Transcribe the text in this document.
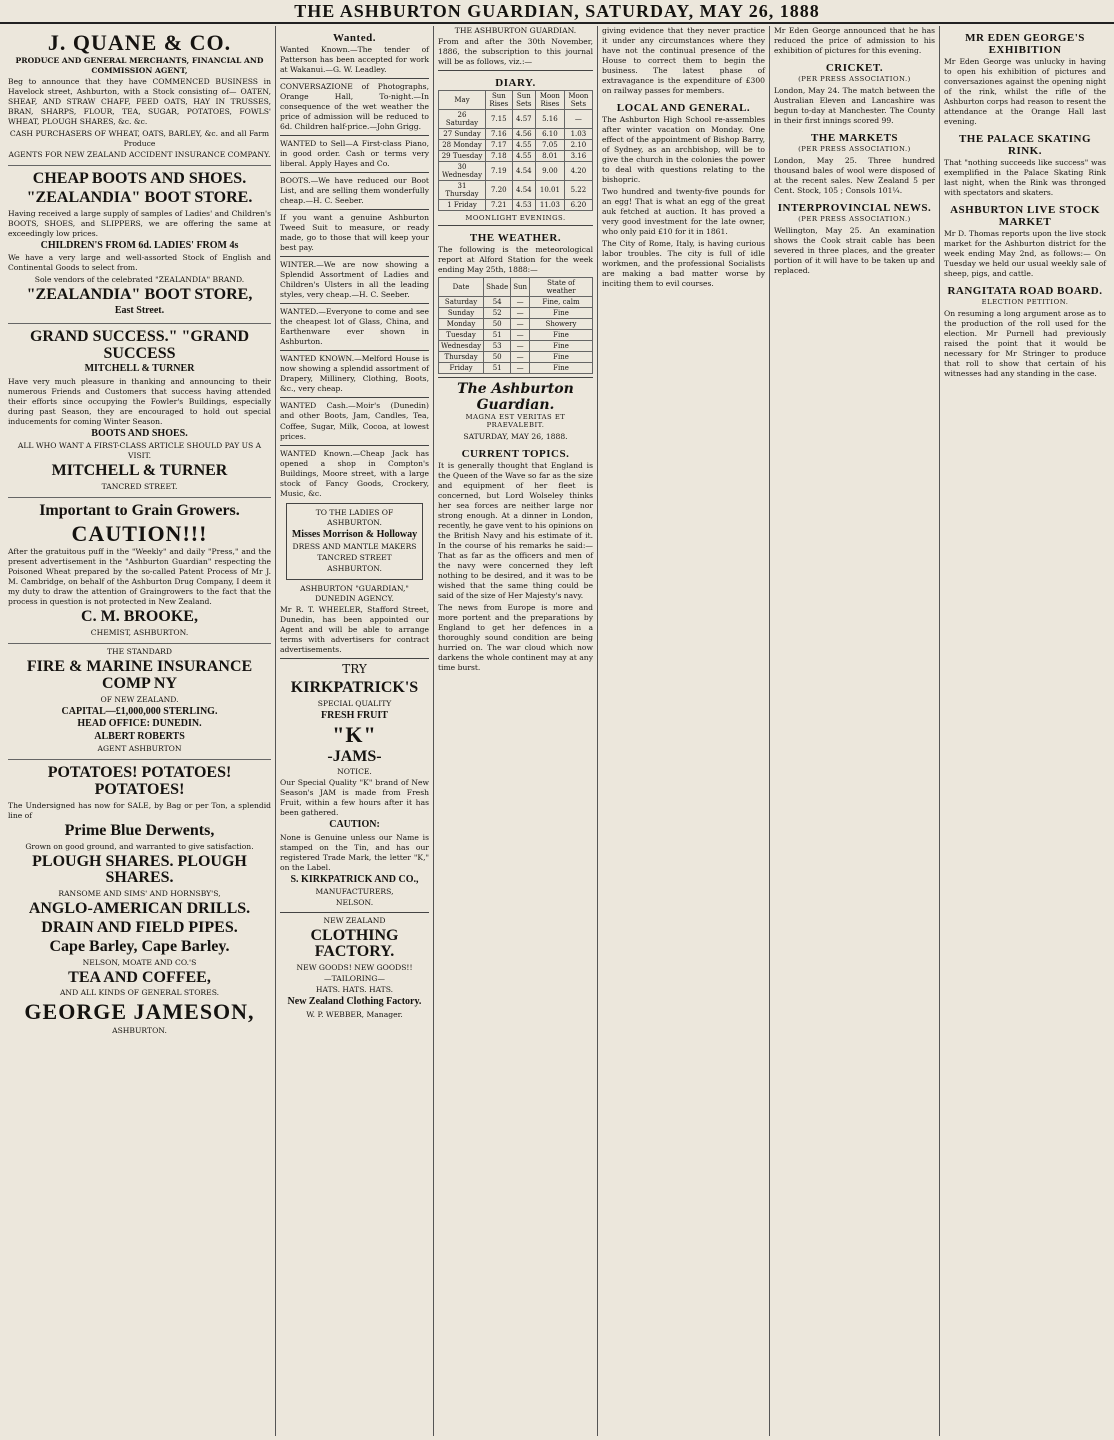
THE ASHBURTON GUARDIAN, SATURDAY, MAY 26, 1888
J. QUANE & CO.
PRODUCE AND GENERAL MERCHANTS, FINANCIAL AND COMMISSION AGENT,
Beg to announce that they have COMMENCED BUSINESS in Havelock street, Ashburton, with a Stock consisting of— OATEN, SHEAF, AND STRAW CHAFF, FEED OATS, HAY IN TRUSSES, BRAN, SHARPS, FLOUR, TEA, SUGAR, POTATOES, FOWLS' WHEAT, PLOUGH SHARES, &c. &c.
CASH PURCHASERS OF WHEAT, OATS, BARLEY, &c. and all Farm Produce
AGENTS FOR NEW ZEALAND ACCIDENT INSURANCE COMPANY.
CHEAP BOOTS AND SHOES.
"ZEALANDIA" BOOT STORE.
Having received a large supply of samples of Ladies' and Children's BOOTS, SHOES, and SLIPPERS, we are offering the same at exceedingly low prices.
CHILDREN'S FROM 6d. LADIES' FROM 4s
We have a very large and well-assorted Stock of English and Continental Goods to select from.
Sole vendors of the celebrated "ZEALANDIA" BRAND.
"ZEALANDIA" BOOT STORE,
East Street.
GRAND SUCCESS." "GRAND SUCCESS
MITCHELL & TURNER
Have very much pleasure in thanking and announcing to their numerous Friends and Customers that success having attended their efforts since occupying the Fowler's Buildings, especially during past Season, they are encouraged to hold out special inducements for coming Winter Season.
BOOTS AND SHOES.
ALL WHO WANT A FIRST-CLASS ARTICLE SHOULD PAY US A VISIT.
MITCHELL & TURNER
TANCRED STREET.
Important to Grain Growers.
CAUTION!!!
After the gratuitous puff in the "Weekly" and daily "Press," and the present advertisement in the "Ashburton Guardian" respecting the Poisoned Wheat prepared by the so-called Patent Process of Mr J. M. Cambridge, on behalf of the Ashburton Drug Company, I deem it my duty to draw the attention of Graingrowers to the fact that the process in question is not protected in New Zealand.
C. M. BROOKE,
CHEMIST, ASHBURTON.
THE STANDARD
FIRE & MARINE INSURANCE COMP NY
OF NEW ZEALAND.
CAPITAL—£1,000,000 STERLING.
HEAD OFFICE: DUNEDIN.
ALBERT ROBERTS
AGENT ASHBURTON
POTATOES! POTATOES! POTATOES!
The Undersigned has now for SALE, by Bag or per Ton, a splendid line of
Prime Blue Derwents,
Grown on good ground, and warranted to give satisfaction.
PLOUGH SHARES. PLOUGH SHARES.
RANSOME AND SIMS' AND HORNSBY'S,
ANGLO-AMERICAN DRILLS.
DRAIN AND FIELD PIPES.
Cape Barley, Cape Barley.
NELSON, MOATE AND CO.'S
TEA AND COFFEE,
AND ALL KINDS OF GENERAL STORES.
GEORGE JAMESON,
ASHBURTON.
Wanted.
Wanted Known.—The tender of Patterson has been accepted for work at Wakanui.—G. W. Leadley.
CONVERSAZIONE of Photographs, Orange Hall, To-night.—In consequence of the wet weather the price of admission will be reduced to 6d. Children half-price.—John Grigg.
WANTED to Sell—A First-class Piano, in good order. Cash or terms very liberal. Apply Hayes and Co.
BOOTS.—We have reduced our Boot List, and are selling them wonderfully cheap.—H. C. Seeber.
If you want a genuine Ashburton Tweed Suit to measure, or ready made, go to those that will keep your best pay.
WINTER.—We are now showing a Splendid Assortment of Ladies and Children's Ulsters in all the leading styles, very cheap.—H. C. Seeber.
WANTED.—Everyone to come and see the cheapest lot of Glass, China, and Earthenware ever shown in Ashburton.
WANTED KNOWN.—Melford House is now showing a splendid assortment of Drapery, Millinery, Clothing, Boots, &c., very cheap.
WANTED Cash.—Moir's (Dunedin) and other Boots, Jam, Candles, Tea, Coffee, Sugar, Milk, Cocoa, at lowest prices.
WANTED Known.—Cheap Jack has opened a shop in Compton's Buildings, Moore street, with a large stock of Fancy Goods, Crockery, Music, &c.
TO THE LADIES OF ASHBURTON.
Misses Morrison & Holloway
DRESS AND MANTLE MAKERS
TANCRED STREET
ASHBURTON.
ASHBURTON "GUARDIAN," DUNEDIN AGENCY.
Mr R. T. WHEELER, Stafford Street, Dunedin, has been appointed our Agent and will be able to arrange terms with advertisers for contract advertisements.
TRY
KIRKPATRICK'S
SPECIAL QUALITY
FRESH FRUIT
"K"
-JAMS-
NOTICE.
Our Special Quality "K" brand of New Season's JAM is made from Fresh Fruit, within a few hours after it has been gathered.
CAUTION:
None is Genuine unless our Name is stamped on the Tin, and has our registered Trade Mark, the letter "K," on the Label.
S. KIRKPATRICK AND CO.,
MANUFACTURERS,
NELSON.
NEW ZEALAND
CLOTHING FACTORY.
NEW GOODS! NEW GOODS!!
—TAILORING—
HATS. HATS. HATS.
New Zealand Clothing Factory.
W. P. WEBBER, Manager.
THE ASHBURTON GUARDIAN.
From and after the 30th November, 1886, the subscription to this journal will be as follows, viz.:—
DIARY.
May	Sun Rises	Sun Sets	Moon Rises	Moon Sets
26 Saturday	7.15	4.57	5.16	—
27 Sunday	7.16	4.56	6.10	1.03
28 Monday	7.17	4.55	7.05	2.10
29 Tuesday	7.18	4.55	8.01	3.16
30 Wednesday	7.19	4.54	9.00	4.20
31 Thursday	7.20	4.54	10.01	5.22
1 Friday	7.21	4.53	11.03	6.20
MOONLIGHT EVENINGS.
THE WEATHER.
The following is the meteorological report at Alford Station for the week ending May 25th, 1888:—
Date	Shade	Sun	State of weather
Saturday	54	—	Fine, calm
Sunday	52	—	Fine
Monday	50	—	Showery
Tuesday	51	—	Fine
Wednesday	53	—	Fine
Thursday	50	—	Fine
Friday	51	—	Fine
The Ashburton Guardian.
MAGNA EST VERITAS ET PRAEVALEBIT.
SATURDAY, MAY 26, 1888.
CURRENT TOPICS.
It is generally thought that England is the Queen of the Wave so far as the size and equipment of her fleet is concerned, but Lord Wolseley thinks her sea forces are neither large nor strong enough. At a dinner in London, recently, he gave vent to his opinions on the British Navy and his estimate of it. In the course of his remarks he said:— That as far as the officers and men of the navy were concerned they left nothing to be desired, and it was to be wished that the same thing could be said of the size of Her Majesty's navy.
The news from Europe is more and more portent and the preparations by England to get her defences in a thoroughly sound condition are being hurried on. The war cloud which now darkens the whole continent may at any time burst.
giving evidence that they never practice it under any circumstances where they have not the continual presence of the House to correct them to begin the business. The latest phase of extravagance is the expenditure of £300 on railway passes for members.
LOCAL AND GENERAL.
The Ashburton High School re-assembles after winter vacation on Monday. One effect of the appointment of Bishop Barry, of Sydney, as an archbishop, will be to give the church in the colonies the power to deal with questions relating to the bishopric.
Two hundred and twenty-five pounds for an egg! That is what an egg of the great auk fetched at auction. It has proved a very good investment for the late owner, who only paid £10 for it in 1861.
The City of Rome, Italy, is having curious labor troubles. The city is full of idle workmen, and the professional Socialists are making a bad matter worse by inciting them to evil courses.
Mr Eden George announced that he has reduced the price of admission to his exhibition of pictures for this evening.
CRICKET.
(PER PRESS ASSOCIATION.)
London, May 24. The match between the Australian Eleven and Lancashire was begun to-day at Manchester. The County in their first innings scored 99.
THE MARKETS
(PER PRESS ASSOCIATION.)
London, May 25. Three hundred thousand bales of wool were disposed of at the recent sales. New Zealand 5 per Cent. Stock, 105 ; Consols 101¼.
INTERPROVINCIAL NEWS.
(PER PRESS ASSOCIATION.)
Wellington, May 25. An examination shows the Cook strait cable has been severed in three places, and the greater portion of it will have to be taken up and replaced.
MR EDEN GEORGE'S EXHIBITION
Mr Eden George was unlucky in having to open his exhibition of pictures and conversaziones against the opening night of the rink, whilst the rifle of the Ashburton corps had reason to resent the attendance at the Orange Hall last evening.
THE PALACE SKATING RINK.
That "nothing succeeds like success" was exemplified in the Palace Skating Rink last night, when the Rink was thronged with spectators and skaters.
ASHBURTON LIVE STOCK MARKET
Mr D. Thomas reports upon the live stock market for the Ashburton district for the week ending May 2nd, as follows:— On Tuesday we held our usual weekly sale of sheep, pigs, and cattle.
RANGITATA ROAD BOARD.
ELECTION PETITION.
On resuming a long argument arose as to the production of the roll used for the election. Mr Purnell had previously raised the point that it would be necessary for Mr Stringer to produce that roll to show that certain of his witnesses had any standing in the case.
